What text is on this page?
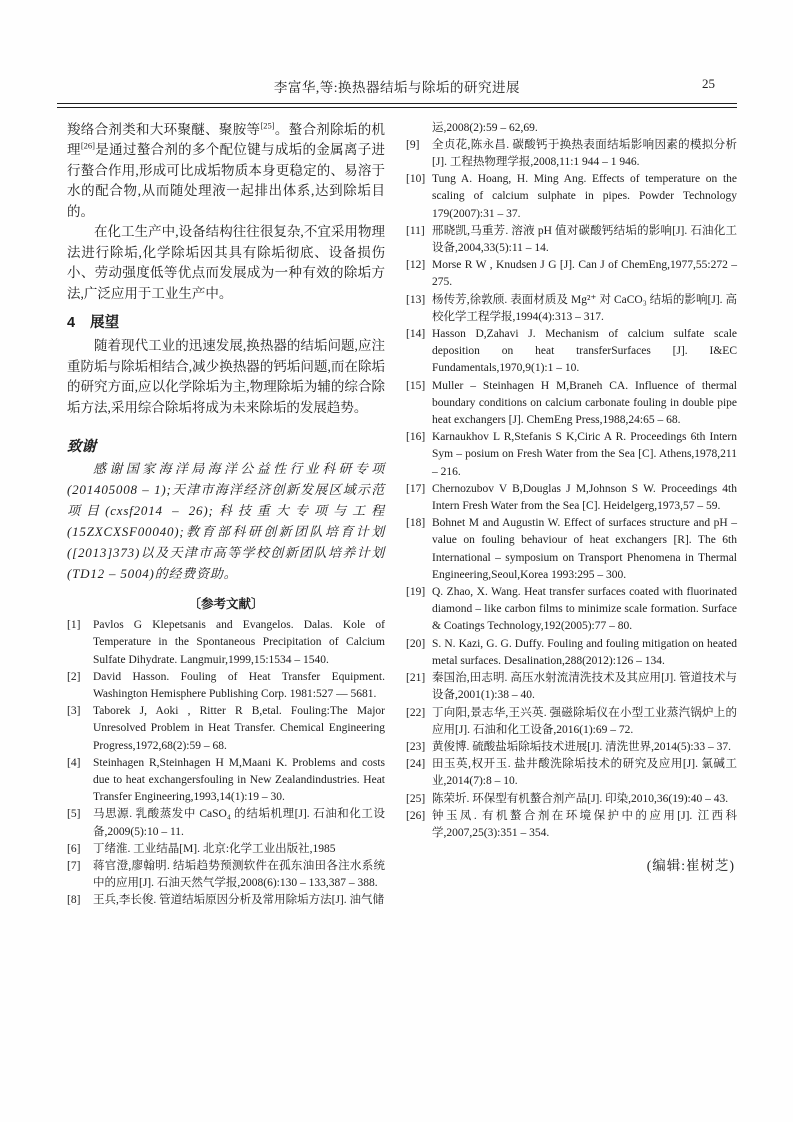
李富华,等:换热器结垢与除垢的研究进展	25

羧络合剂类和大环聚醚、聚胺等[25]。螯合剂除垢的机理[26]是通过螯合剂的多个配位键与成垢的金属离子进行螯合作用,形成可比成垢物质本身更稳定的、易溶于水的配合物,从而随处理液一起排出体系,达到除垢目的。

在化工生产中,设备结构往往很复杂,不宜采用物理法进行除垢,化学除垢因其具有除垢彻底、设备损伤小、劳动强度低等优点而发展成为一种有效的除垢方法,广泛应用于工业生产中。

4 展望

随着现代工业的迅速发展,换热器的结垢问题,应注重防垢与除垢相结合,减少换热器的钙垢问题,而在除垢的研究方面,应以化学除垢为主,物理除垢为辅的综合除垢方法,采用综合除垢将成为未来除垢的发展趋势。

致谢

感谢国家海洋局海洋公益性行业科研专项(201405008 – 1);天津市海洋经济创新发展区域示范项目(cxsf2014 – 26);科技重大专项与工程(15ZXCXSF00040);教育部科研创新团队培育计划([2013]373)以及天津市高等学校创新团队培养计划(TD12 – 5004)的经费资助。

〔参考文献〕
[1]	Pavlos G Klepetsanis and Evangelos. Dalas. Kole of Temperature in the Spontaneous Precipitation of Calcium Sulfate Dihydrate. Langmuir,1999,15:1534 – 1540.
[2]	David Hasson. Fouling of Heat Transfer Equipment. Washington Hemisphere Publishing Corp. 1981:527 — 5681.
[3]	Taborek J, Aoki , Ritter R B,etal. Fouling:The Major Unresolved Problem in Heat Transfer. Chemical Engineering Progress,1972,68(2):59 – 68.
[4]	Steinhagen R,Steinhagen H M,Maani K. Problems and costs due to heat exchangersfouling in New Zealandindustries. Heat Transfer Engineering,1993,14(1):19 – 30.
[5]	马思源. 乳酸蒸发中 CaSO₄ 的结垢机理[J]. 石油和化工设备,2009(5):10 – 11.
[6]	丁绪淮. 工业结晶[M]. 北京:化学工业出版社,1985
[7]	蒋官澄,廖翰明. 结垢趋势预测软件在孤东油田各注水系统中的应用[J]. 石油天然气学报,2008(6):130 – 133,387 – 388.
[8]	王兵,李长俊. 管道结垢原因分析及常用除垢方法[J]. 油气储
运,2008(2):59 – 62,69.
[9]	全贞花,陈永昌. 碳酸钙于换热表面结垢影响因素的模拟分析[J]. 工程热物理学报,2008,11:1 944 – 1 946.
[10] Tung A. Hoang, H. Ming Ang. Effects of temperature on the scaling of calcium sulphate in pipes. Powder Technology 179(2007):31 – 37.
[11] 邢晓凯,马重芳. 溶液 pH 值对碳酸钙结垢的影响[J]. 石油化工设备,2004,33(5):11 – 14.
[12] Morse R W , Knudsen J G [J]. Can J of ChemEng,1977,55:272 – 275.
[13] 杨传芳,徐敦颀. 表面材质及 Mg²⁺ 对 CaCO₃ 结垢的影响[J]. 高校化学工程学报,1994(4):313 – 317.
[14] Hasson D,Zahavi J. Mechanism of calcium sulfate scale deposition on heat transferSurfaces [J]. I&EC Fundamentals,1970,9(1):1 – 10.
[15] Muller – Steinhagen H M,Braneh CA. Influence of thermal boundary conditions on calcium carbonate fouling in double pipe heat exchangers [J]. ChemEng Press,1988,24:65 – 68.
[16] Karnaukhov L R,Stefanis S K,Ciric A R. Proceedings 6th Intern Sym – posium on Fresh Water from the Sea [C]. Athens,1978,211 – 216.
[17] Chernozubov V B,Douglas J M,Johnson S W. Proceedings 4th Intern Fresh Water from the Sea [C]. Heidelgerg,1973,57 – 59.
[18] Bohnet M and Augustin W. Effect of surfaces structure and pH – value on fouling behaviour of heat exchangers [R]. The 6th International – symposium on Transport Phenomena in Thermal Engineering,Seoul,Korea 1993:295 – 300.
[19] Q. Zhao, X. Wang. Heat transfer surfaces coated with fluorinated diamond – like carbon films to minimize scale formation. Surface & Coatings Technology,192(2005):77 – 80.
[20] S. N. Kazi, G. G. Duffy. Fouling and fouling mitigation on heated metal surfaces. Desalination,288(2012):126 – 134.
[21] 秦国治,田志明. 高压水射流清洗技术及其应用[J]. 管道技术与设备,2001(1):38 – 40.
[22] 丁向阳,景志华,王兴英. 强磁除垢仪在小型工业蒸汽锅炉上的应用[J]. 石油和化工设备,2016(1):69 – 72.
[23] 黄俊博. 硫酸盐垢除垢技术进展[J]. 清洗世界,2014(5):33 – 37.
[24] 田玉英,权开玉. 盐井酸洗除垢技术的研究及应用[J]. 氯碱工业,2014(7):8 – 10.
[25] 陈荣圻. 环保型有机螯合剂产品[J]. 印染,2010,36(19):40 – 43.
[26] 钟玉凤. 有机螯合剂在环境保护中的应用[J]. 江西科学,2007,25(3):351 – 354.
(编辑:崔树芝)
